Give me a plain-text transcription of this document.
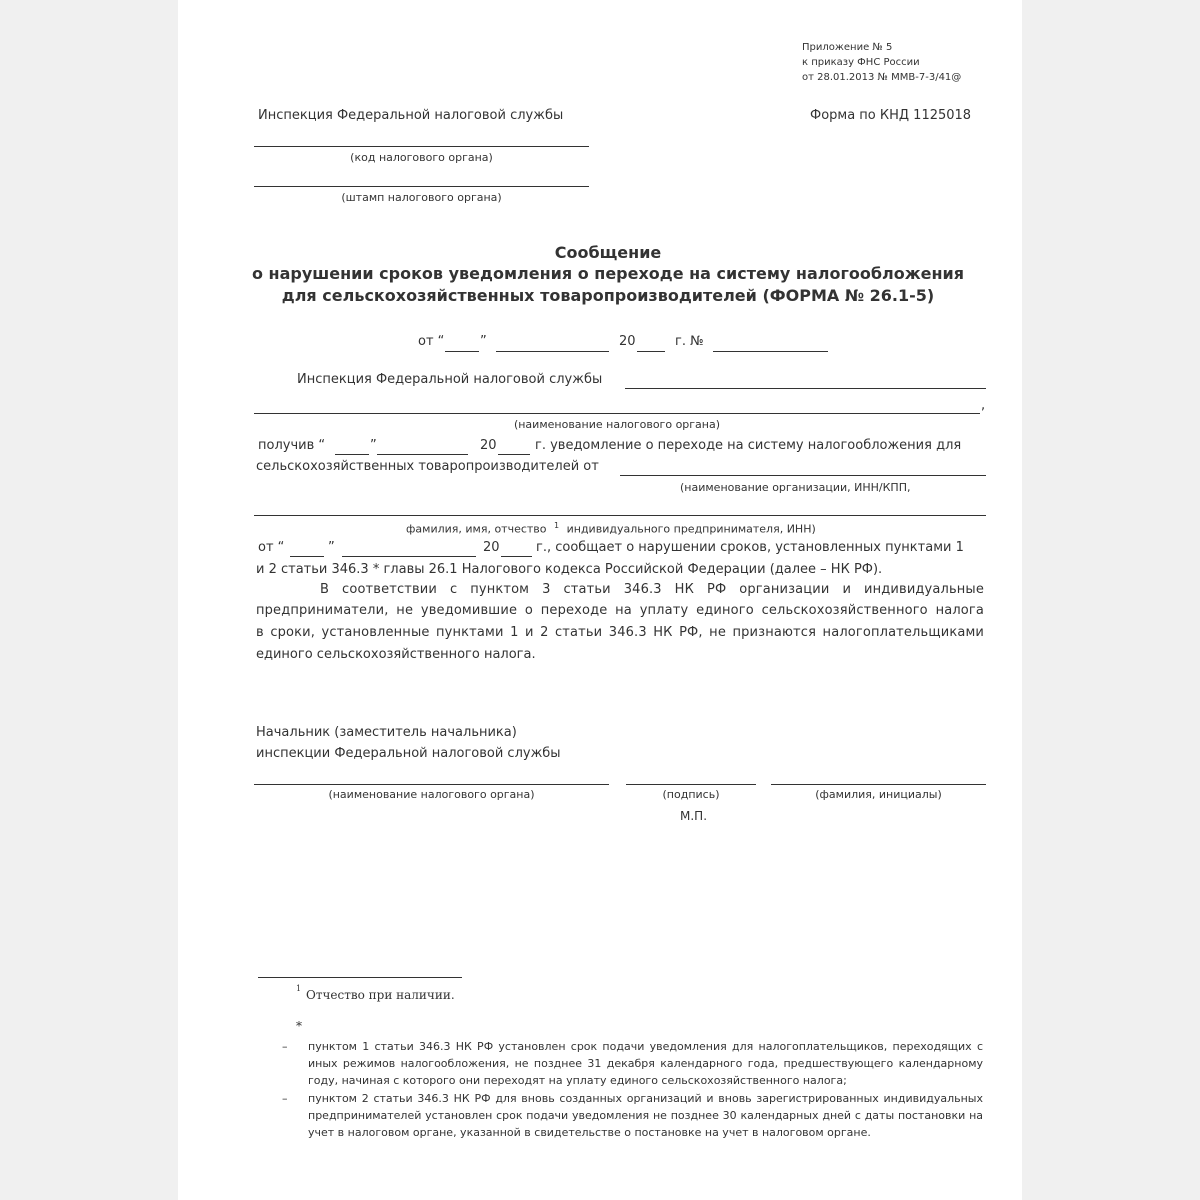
Приложение № 5
к приказу ФНС России
от 28.01.2013 № ММВ-7-3/41@
Инспекция Федеральной налоговой службы	Форма по КНД 1125018
(код налогового органа)
(штамп налогового органа)
Сообщение
о нарушении сроков уведомления о переходе на систему налогообложения
для сельскохозяйственных товаропроизводителей (ФОРМА № 26.1-5)
от “	”	20	г. №
Инспекция Федеральной налоговой службы
,
(наименование налогового органа)
получив “	”	20	г. уведомление о переходе на систему налогообложения для
сельскохозяйственных товаропроизводителей от
(наименование организации, ИНН/КПП,
фамилия, имя, отчество $^1$ индивидуального предпринимателя, ИНН)
от “	”	20	г., сообщает о нарушении сроков, установленных пунктами 1
и 2 статьи 346.3 * главы 26.1 Налогового кодекса Российской Федерации (далее – НК РФ).
В соответствии с пунктом 3 статьи 346.3 НК РФ организации и индивидуальные
предприниматели, не уведомившие о переходе на уплату единого сельскохозяйственного налога
в сроки, установленные пунктами 1 и 2 статьи 346.3 НК РФ, не признаются налогоплательщиками
единого сельскохозяйственного налога.
Начальник (заместитель начальника)
инспекции Федеральной налоговой службы
(наименование налогового органа)	(подпись)	(фамилия, инициалы)
М.П.
1 Отчество при наличии.
*
– пунктом 1 статьи 346.3 НК РФ установлен срок подачи уведомления для налогоплательщиков, переходящих с иных режимов налогообложения, не позднее 31 декабря календарного года, предшествующего календарному году, начиная с которого они переходят на уплату единого сельскохозяйственного налога;
– пунктом 2 статьи 346.3 НК РФ для вновь созданных организаций и вновь зарегистрированных индивидуальных предпринимателей установлен срок подачи уведомления не позднее 30 календарных дней с даты постановки на учет в налоговом органе, указанной в свидетельстве о постановке на учет в налоговом органе.
